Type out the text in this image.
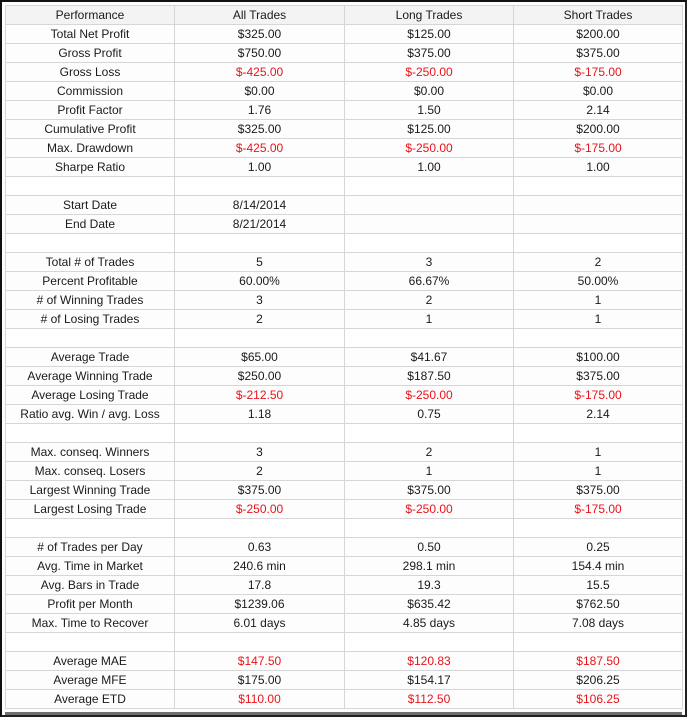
Performance	All Trades	Long Trades	Short Trades
Total Net Profit	$325.00	$125.00	$200.00
Gross Profit	$750.00	$375.00	$375.00
Gross Loss	$-425.00	$-250.00	$-175.00
Commission	$0.00	$0.00	$0.00
Profit Factor	1.76	1.50	2.14
Cumulative Profit	$325.00	$125.00	$200.00
Max. Drawdown	$-425.00	$-250.00	$-175.00
Sharpe Ratio	1.00	1.00	1.00

Start Date	8/14/2014		
End Date	8/21/2014		

Total # of Trades	5	3	2
Percent Profitable	60.00%	66.67%	50.00%
# of Winning Trades	3	2	1
# of Losing Trades	2	1	1

Average Trade	$65.00	$41.67	$100.00
Average Winning Trade	$250.00	$187.50	$375.00
Average Losing Trade	$-212.50	$-250.00	$-175.00
Ratio avg. Win / avg. Loss	1.18	0.75	2.14

Max. conseq. Winners	3	2	1
Max. conseq. Losers	2	1	1
Largest Winning Trade	$375.00	$375.00	$375.00
Largest Losing Trade	$-250.00	$-250.00	$-175.00

# of Trades per Day	0.63	0.50	0.25
Avg. Time in Market	240.6 min	298.1 min	154.4 min
Avg. Bars in Trade	17.8	19.3	15.5
Profit per Month	$1239.06	$635.42	$762.50
Max. Time to Recover	6.01 days	4.85 days	7.08 days

Average MAE	$147.50	$120.83	$187.50
Average MFE	$175.00	$154.17	$206.25
Average ETD	$110.00	$112.50	$106.25
